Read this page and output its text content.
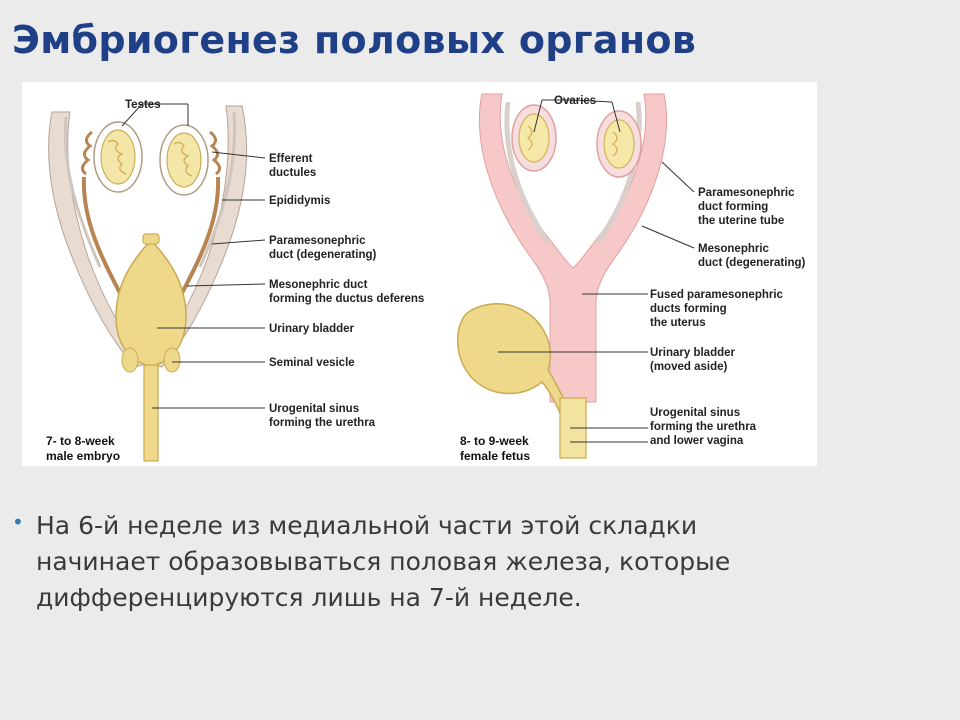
Эмбриогенез половых органов
Testes
Efferent
ductules
Epididymis
Paramesonephric
duct (degenerating)
Mesonephric duct
forming the ductus deferens
Urinary bladder
Seminal vesicle
Urogenital sinus
forming the urethra
7- to 8-week
male embryo
Ovaries
Paramesonephric
duct forming
the uterine tube
Mesonephric
duct (degenerating)
Fused paramesonephric
ducts forming
the uterus
Urinary bladder
(moved aside)
Urogenital sinus
forming the urethra
and lower vagina
8- to 9-week
female fetus
• На 6-й неделе из медиальной части этой складки начинает образовываться половая железа, которые дифференцируются лишь на 7-й неделе.
